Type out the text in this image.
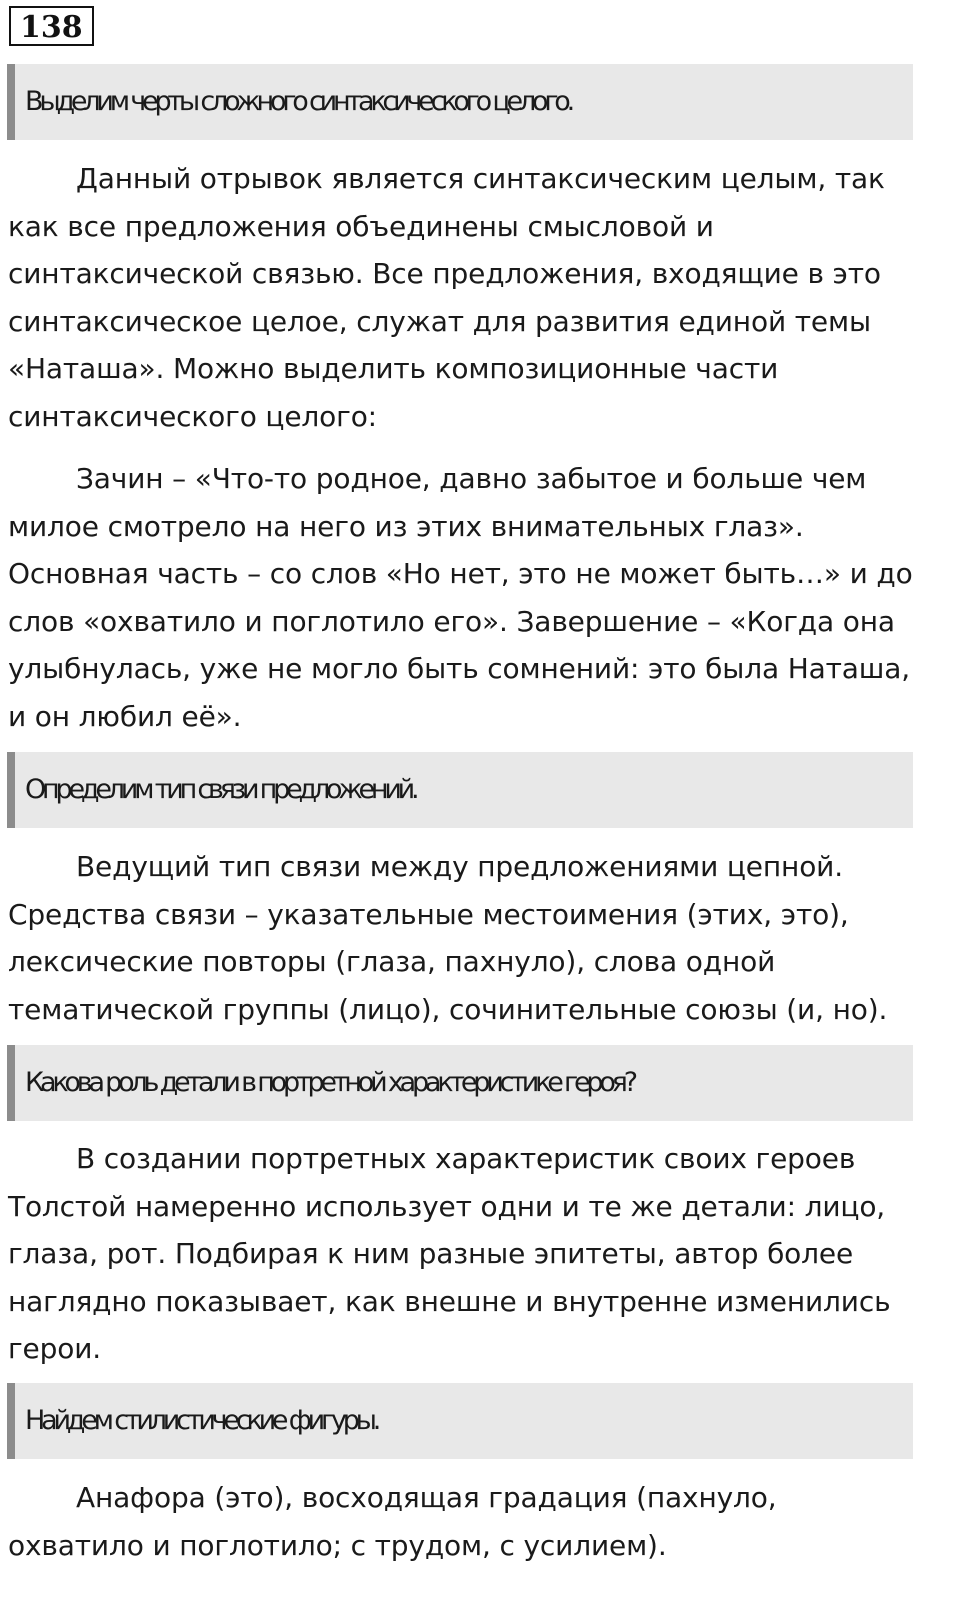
138
Выделим черты сложного синтаксического целого.
Данный отрывок является синтаксическим целым, так
как все предложения объединены смысловой и
синтаксической связью. Все предложения, входящие в это
синтаксическое целое, служат для развития единой темы
«Наташа». Можно выделить композиционные части
синтаксического целого:
Зачин – «Что-то родное, давно забытое и больше чем
милое смотрело на него из этих внимательных глаз».
Основная часть – со слов «Но нет, это не может быть…» и до
слов «охватило и поглотило его». Завершение – «Когда она
улыбнулась, уже не могло быть сомнений: это была Наташа,
и он любил её».
Определим тип связи предложений.
Ведущий тип связи между предложениями цепной.
Средства связи – указательные местоимения (этих, это),
лексические повторы (глаза, пахнуло), слова одной
тематической группы (лицо), сочинительные союзы (и, но).
Какова роль детали в портретной характеристике героя?
В создании портретных характеристик своих героев
Толстой намеренно использует одни и те же детали: лицо,
глаза, рот. Подбирая к ним разные эпитеты, автор более
наглядно показывает, как внешне и внутренне изменились
герои.
Найдем стилистические фигуры.
Анафора (это), восходящая градация (пахнуло,
охватило и поглотило; с трудом, с усилием).
